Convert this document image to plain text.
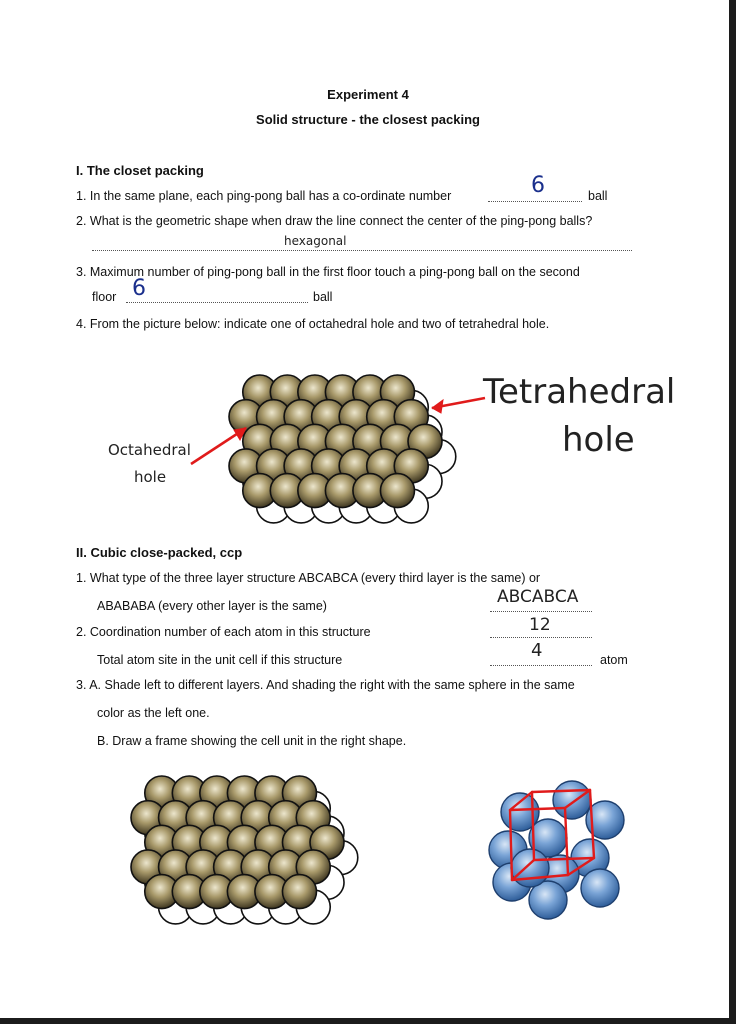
Experiment 4
Solid structure - the closest packing
I. The closet packing
1. In the same plane, each ping-pong ball has a co-ordinate number	6	ball
2. What is the geometric shape when draw the line connect the center of the ping-pong balls?
hexagonal
3. Maximum number of ping-pong ball in the first floor touch a ping-pong ball on the second
floor 6	ball
4. From the picture below: indicate one of octahedral hole and two of tetrahedral hole.
Tetrahedral
hole
Octahedral
hole
II. Cubic close-packed, ccp
1. What type of the three layer structure ABCABCA (every third layer is the same) or
ABABABA (every other layer is the same)	ABCABCA
2. Coordination number of each atom in this structure	12
Total atom site in the unit cell if this structure	4	atom
3. A. Shade left to different layers. And shading the right with the same sphere in the same
color as the left one.
B. Draw a frame showing the cell unit in the right shape.
